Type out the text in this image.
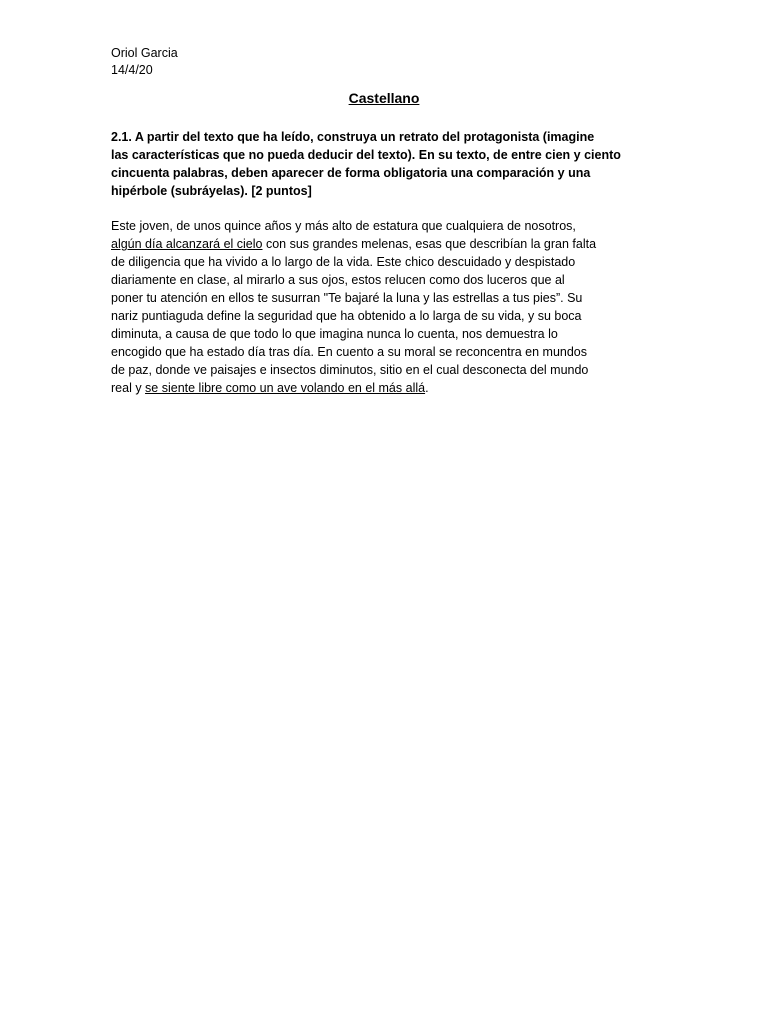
Oriol Garcia
14/4/20
Castellano

2.1. A partir del texto que ha leído, construya un retrato del protagonista (imagine
las características que no pueda deducir del texto). En su texto, de entre cien y ciento
cincuenta palabras, deben aparecer de forma obligatoria una comparación y una
hipérbole (subráyelas). [2 puntos]

Este joven, de unos quince años y más alto de estatura que cualquiera de nosotros,
algún día alcanzará el cielo con sus grandes melenas, esas que describían la gran falta
de diligencia que ha vivido a lo largo de la vida. Este chico descuidado y despistado
diariamente en clase, al mirarlo a sus ojos, estos relucen como dos luceros que al
poner tu atención en ellos te susurran "Te bajaré la luna y las estrellas a tus pies”. Su
nariz puntiaguda define la seguridad que ha obtenido a lo larga de su vida, y su boca
diminuta, a causa de que todo lo que imagina nunca lo cuenta, nos demuestra lo
encogido que ha estado día tras día. En cuento a su moral se reconcentra en mundos
de paz, donde ve paisajes e insectos diminutos, sitio en el cual desconecta del mundo
real y se siente libre como un ave volando en el más allá.
